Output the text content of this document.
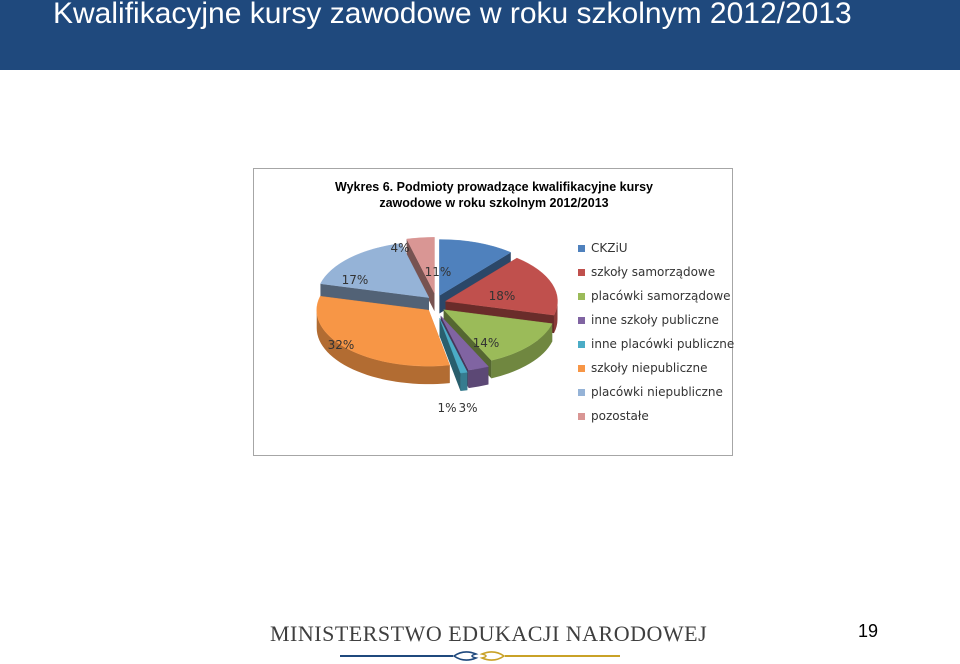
Kwalifikacyjne kursy zawodowe w roku szkolnym 2012/2013
Wykres 6. Podmioty prowadzące kwalifikacyjne kursy
zawodowe w roku szkolnym 2012/2013
11%
18%
14%
3%
1%
32%
17%
4%	CKZiU
szkoły samorządowe
placówki samorządowe
inne szkoły publiczne
inne placówki publiczne
szkoły niepubliczne
placówki niepubliczne
pozostałe
MINISTERSTWO EDUKACJI NARODOWEJ	19
